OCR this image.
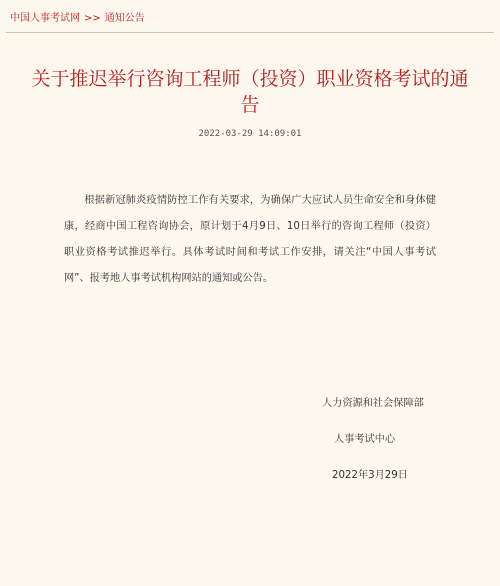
中国人事考试网 >> 通知公告
关于推迟举行咨询工程师（投资）职业资格考试的通告
2022-03-29 14:09:01

根据新冠肺炎疫情防控工作有关要求，为确保广大应试人员生命安全和身体健康，经商中国工程咨询协会，原计划于4月9日、10日举行的咨询工程师（投资）职业资格考试推迟举行。具体考试时间和考试工作安排，请关注“中国人事考试网”、报考地人事考试机构网站的通知或公告。

人力资源和社会保障部
人事考试中心
2022年3月29日
